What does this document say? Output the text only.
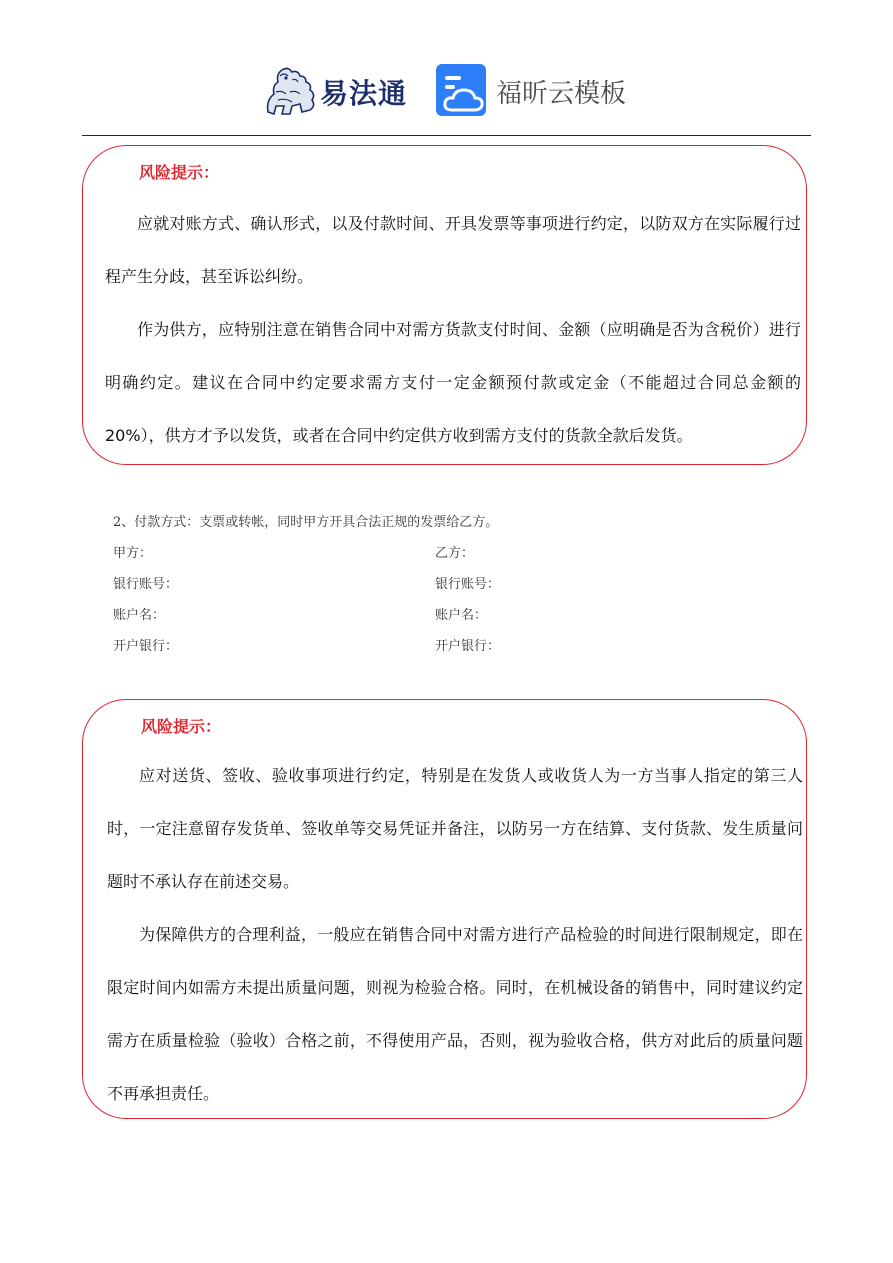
易法通	福昕云模板
风险提示：

应就对账方式、确认形式，以及付款时间、开具发票等事项进行约定，以防双方在实际履行过程产生分歧，甚至诉讼纠纷。

作为供方，应特别注意在销售合同中对需方货款支付时间、金额（应明确是否为含税价）进行明确约定。建议在合同中约定要求需方支付一定金额预付款或定金（不能超过合同总金额的 20%），供方才予以发货，或者在合同中约定供方收到需方支付的货款全款后发货。

2、付款方式：支票或转帐，同时甲方开具合法正规的发票给乙方。
甲方：	乙方：
银行账号：	银行账号：
账户名：	账户名：
开户银行：	开户银行：
风险提示：

应对送货、签收、验收事项进行约定，特别是在发货人或收货人为一方当事人指定的第三人时，一定注意留存发货单、签收单等交易凭证并备注，以防另一方在结算、支付货款、发生质量问题时不承认存在前述交易。

为保障供方的合理利益，一般应在销售合同中对需方进行产品检验的时间进行限制规定，即在限定时间内如需方未提出质量问题，则视为检验合格。同时，在机械设备的销售中，同时建议约定需方在质量检验（验收）合格之前，不得使用产品，否则，视为验收合格，供方对此后的质量问题不再承担责任。
